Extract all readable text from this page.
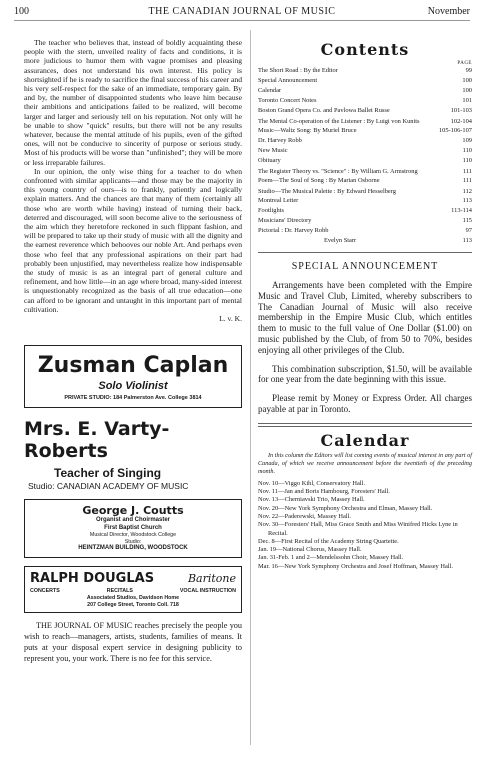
100	THE CANADIAN JOURNAL OF MUSIC	November

The teacher who believes that, instead of boldly acquainting these people with the stern, unveiled reality of facts and conditions, it is more judicious to humor them with vague promises and pleasing assurances, does not understand his own interest. His policy is shortsighted if he is ready to sacrifice the final success of his career and his very self-respect for the sake of an immediate, temporary gain. By and by, the number of disappointed students who leave him because their ambitions and anticipations failed to be realized, will become larger and larger and seriously tell on his reputation. Not only will he be unable to show "quick" results, but there will not be any results whatever, because the mental attitude of his pupils, even of the gifted ones, will not be conducive to sincerity of purpose or serious study. Most of his products will be worse than "unfinished"; they will be more or less irreparable failures.

In our opinion, the only wise thing for a teacher to do when confronted with similar applicants—and those may be the majority in this young country of ours—is to frankly, patiently and logically explain matters. And the chances are that many of them (certainly all those who are worth while having) instead of turning their back, deterred and discouraged, will soon become alive to the seriousness of the aim which they heretofore reckoned in such flippant fashion, and will be prepared to take up their study of music with all the dignity and the earnest reverence which behooves our noble Art. And perhaps even those who feel that any professional aspirations on their part had probably been unjustified, may nevertheless realize how indispensable the study of music is as an integral part of general culture and refinement, and how little—in an age where broad, many-sided interest is unquestionably recognized as the basis of all true education—one can afford to be ignorant and untaught in this important part of mental cultivation.

L. v. K.
Zusman Caplan
Solo Violinist
PRIVATE STUDIO: 184 Palmerston Ave. College 3814
Mrs. E. Varty-Roberts
Teacher of Singing
Studio: CANADIAN ACADEMY OF MUSIC
George J. Coutts
Organist and Choirmaster
First Baptist Church
Musical Director, Woodstock College
Studio:
HEINTZMAN BUILDING, WOODSTOCK
RALPH DOUGLAS	Baritone
CONCERTS	RECITALS	VOCAL INSTRUCTION
Associated Studios, Davidson Home
207 College Street, Toronto Coll. 718
THE JOURNAL OF MUSIC reaches precisely the people you wish to reach—managers, artists, students, families of means. It puts at your disposal expert service in designing publicity to represent you, your work. There is no fee for this service.
Contents
PAGE
The Short Road : By the Editor	99
Special Announcement	100
Calendar	100
Toronto Concert Notes	101
Boston Grand Opera Co. and Pavlowa Ballet Russe	101-103
The Mental Co-operation of the Listener : By Luigi von Kunits	102-104
Music—Waltz Song: By Muriel Bruce	105-106-107
Dr. Harvey Robb	109
New Music	110
Obituary	110
The Register Theory vs. "Science" : By William G. Armstrong	111
Poem—The Soul of Song : By Marian Osborne	111
Studio—The Musical Palette : By Edward Hesselberg	112
Montreal Letter	113
Footlights	113-114
Musicians' Directory	115
Pictorial : Dr. Harvey Robb	97
Evelyn Starr	113
SPECIAL ANNOUNCEMENT

Arrangements have been completed with the Empire Music and Travel Club, Limited, whereby subscribers to The Canadian Journal of Music will also receive membership in the Empire Music Club, which entitles them to music to the full value of One Dollar ($1.00) on music published by the Club, of from 50 to 70%, besides enjoying all other privileges of the Club.

This combination subscription, $1.50, will be available for one year from the date beginning with this issue.

Please remit by Money or Express Order. All charges payable at par in Toronto.

Calendar
In this column the Editors will list coming events of musical interest in any part of Canada, of which we receive announcement before the twentieth of the preceding month.
Nov. 10—Viggo Kihl, Conservatory Hall.
Nov. 11—Jan and Boris Hambourg, Foresters' Hall.
Nov. 13—Cherniavski Trio, Massey Hall.
Nov. 20—New York Symphony Orchestra and Elman, Massey Hall.
Nov. 22—Paderewski, Massey Hall.
Nov. 30—Foresters' Hall, Miss Grace Smith and Miss Winifred Hicks Lyne in Recital.
Dec. 8—First Recital of the Academy String Quartette.
Jan. 19—National Chorus, Massey Hall.
Jan. 31-Feb. 1 and 2—Mendelssohn Choir, Massey Hall.
Mar. 16—New York Symphony Orchestra and Josef Hoffman, Massey Hall.
